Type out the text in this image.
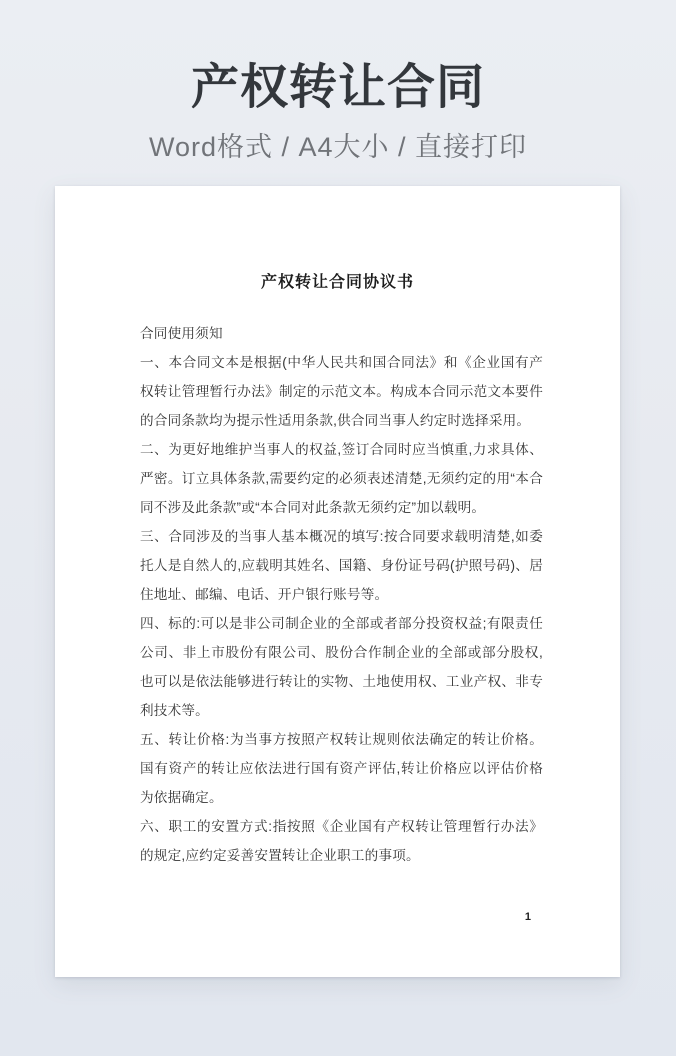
产权转让合同
Word格式 / A4大小 / 直接打印
产权转让合同协议书

合同使用须知

一、本合同文本是根据(中华人民共和国合同法》和《企业国有产权转让管理暂行办法》制定的示范文本。构成本合同示范文本要件的合同条款均为提示性适用条款,供合同当事人约定时选择采用。

二、为更好地维护当事人的权益,签订合同时应当慎重,力求具体、严密。订立具体条款,需要约定的必须表述清楚,无须约定的用“本合同不涉及此条款”或“本合同对此条款无须约定”加以载明。

三、合同涉及的当事人基本概况的填写:按合同要求载明清楚,如委托人是自然人的,应载明其姓名、国籍、身份证号码(护照号码)、居住地址、邮编、电话、开户银行账号等。

四、标的:可以是非公司制企业的全部或者部分投资权益;有限责任公司、非上市股份有限公司、股份合作制企业的全部或部分股权,也可以是依法能够进行转让的实物、土地使用权、工业产权、非专利技术等。

五、转让价格:为当事方按照产权转让规则依法确定的转让价格。国有资产的转让应依法进行国有资产评估,转让价格应以评估价格为依据确定。

六、职工的安置方式:指按照《企业国有产权转让管理暂行办法》的规定,应约定妥善安置转让企业职工的事项。

1
